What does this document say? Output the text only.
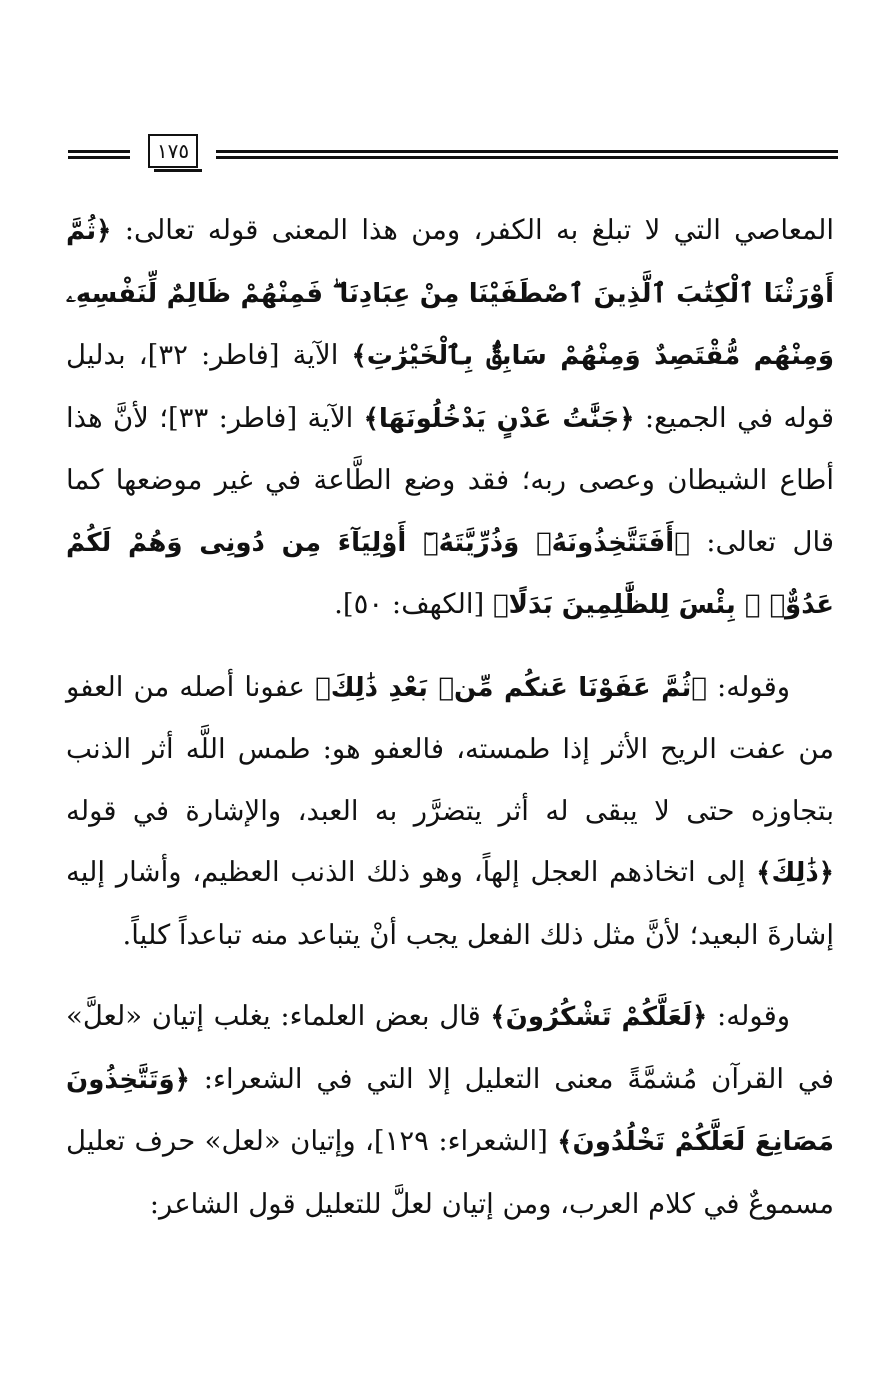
١٧٥

المعاصي التي لا تبلغ به الكفر، ومن هذا المعنى قوله تعالى: ﴿ثُمَّ أَوْرَثْنَا ٱلْكِتَٰبَ ٱلَّذِينَ ٱصْطَفَيْنَا مِنْ عِبَادِنَا ۖ فَمِنْهُمْ ظَالِمٌ لِّنَفْسِهِۦ وَمِنْهُم مُّقْتَصِدٌ وَمِنْهُمْ سَابِقٌۢ بِٱلْخَيْرَٰتِ﴾ الآية [فاطر: ٣٢]، بدليل قوله في الجميع: ﴿جَنَّٰتُ عَدْنٍ يَدْخُلُونَهَا﴾ الآية [فاطر: ٣٣]؛ لأنَّ هذا أطاع الشيطان وعصى ربه؛ فقد وضع الطَّاعة في غير موضعها كما قال تعالى: ﴿أَفَتَتَّخِذُونَهُۥ وَذُرِّيَّتَهُۥٓ أَوْلِيَآءَ مِن دُونِى وَهُمْ لَكُمْ عَدُوٌّۢ ۚ بِئْسَ لِلظَّٰلِمِينَ بَدَلًا﴾ [الكهف: ٥٠].

وقوله: ﴿ثُمَّ عَفَوْنَا عَنكُم مِّنۢ بَعْدِ ذَٰلِكَ﴾ عفونا أصله من العفو من عفت الريح الأثر إذا طمسته، فالعفو هو: طمس اللَّه أثر الذنب بتجاوزه حتى لا يبقى له أثر يتضرَّر به العبد، والإشارة في قوله ﴿ذَٰلِكَ﴾ إلى اتخاذهم العجل إلهاً، وهو ذلك الذنب العظيم، وأشار إليه إشارةَ البعيد؛ لأنَّ مثل ذلك الفعل يجب أنْ يتباعد منه تباعداً كلياً.

وقوله: ﴿لَعَلَّكُمْ تَشْكُرُونَ﴾ قال بعض العلماء: يغلب إتيان «لعلَّ» في القرآن مُشمَّةً معنى التعليل إلا التي في الشعراء: ﴿وَتَتَّخِذُونَ مَصَانِعَ لَعَلَّكُمْ تَخْلُدُونَ﴾ [الشعراء: ١٢٩]، وإتيان «لعل» حرف تعليل مسموعٌ في كلام العرب، ومن إتيان لعلَّ للتعليل قول الشاعر:
